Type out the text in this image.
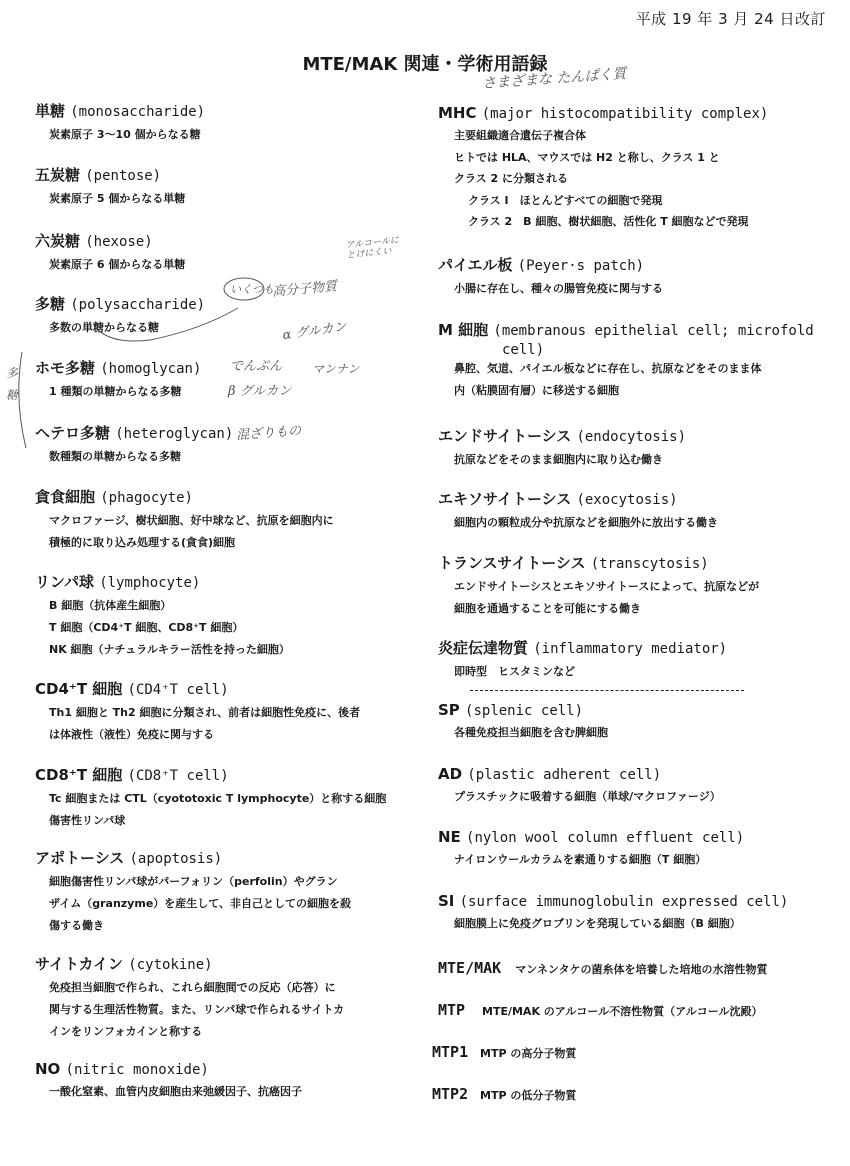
平成 19 年 3 月 24 日改訂
MTE/MAK 関連・学術用語録
単糖 (monosaccharide)
炭素原子 3～10 個からなる糖
五炭糖 (pentose)
炭素原子 5 個からなる単糖
六炭糖 (hexose)
炭素原子 6 個からなる単糖
多糖 (polysaccharide)
多数の単糖からなる糖
ホモ多糖 (homoglycan)
1 種類の単糖からなる多糖
ヘテロ多糖 (heteroglycan)
数種類の単糖からなる多糖
貪食細胞 (phagocyte)
マクロファージ、樹状細胞、好中球など、抗原を細胞内に
積極的に取り込み処理する(貪食)細胞
リンパ球 (lymphocyte)
B 細胞（抗体産生細胞）
T 細胞（CD4⁺T 細胞、CD8⁺T 細胞）
NK 細胞（ナチュラルキラー活性を持った細胞）
CD4⁺T 細胞 (CD4⁺T cell)
Th1 細胞と Th2 細胞に分類され、前者は細胞性免疫に、後者
は体液性（液性）免疫に関与する
CD8⁺T 細胞 (CD8⁺T cell)
Tc 細胞または CTL（cyototoxic T lymphocyte）と称する細胞
傷害性リンパ球
アポトーシス (apoptosis)
細胞傷害性リンパ球がパーフォリン（perfolin）やグラン
ザイム（granzyme）を産生して、非自己としての細胞を殺
傷する働き
サイトカイン (cytokine)
免疫担当細胞で作られ、これら細胞間での反応（応答）に
関与する生理活性物質。また、リンパ球で作られるサイトカ
インをリンフォカインと称する
NO (nitric monoxide)
一酸化窒素、血管内皮細胞由来弛緩因子、抗癌因子
MHC (major histocompatibility complex)
主要組織適合遺伝子複合体
ヒトでは HLA、マウスでは H2 と称し、クラス 1 と
クラス 2 に分類される
クラス I　ほとんどすべての細胞で発現
クラス 2　B 細胞、樹状細胞、活性化 T 細胞などで発現
パイエル板 (Peyer·s patch)
小腸に存在し、種々の腸管免疫に関与する
M 細胞 (membranous epithelial cell; microfold
cell)
鼻腔、気道、パイエル板などに存在し、抗原などをそのまま体
内（粘膜固有層）に移送する細胞
エンドサイトーシス (endocytosis)
抗原などをそのまま細胞内に取り込む働き
エキソサイトーシス (exocytosis)
細胞内の顆粒成分や抗原などを細胞外に放出する働き
トランスサイトーシス (transcytosis)
エンドサイトーシスとエキソサイトースによって、抗原などが
細胞を通過することを可能にする働き
炎症伝達物質 (inflammatory mediator)
即時型　ヒスタミンなど
SP (splenic cell)
各種免疫担当細胞を含む脾細胞
AD (plastic adherent cell)
プラスチックに吸着する細胞（単球/マクロファージ）
NE (nylon wool column effluent cell)
ナイロンウールカラムを素通りする細胞（T 細胞）
SI (surface immunoglobulin expressed cell)
細胞膜上に免疫グロブリンを発現している細胞（B 細胞）
MTE/MAK マンネンタケの菌糸体を培養した培地の水溶性物質
MTP MTE/MAK のアルコール不溶性物質（アルコール沈殿）
MTP1 MTP の高分子物質
MTP2 MTP の低分子物質
さまざまな たんぱく質
アルコールに とけにくい
いくつも
高分子物質
α グルカン
でんぷん マンナン
β グルカン
混ざりもの
多糖
